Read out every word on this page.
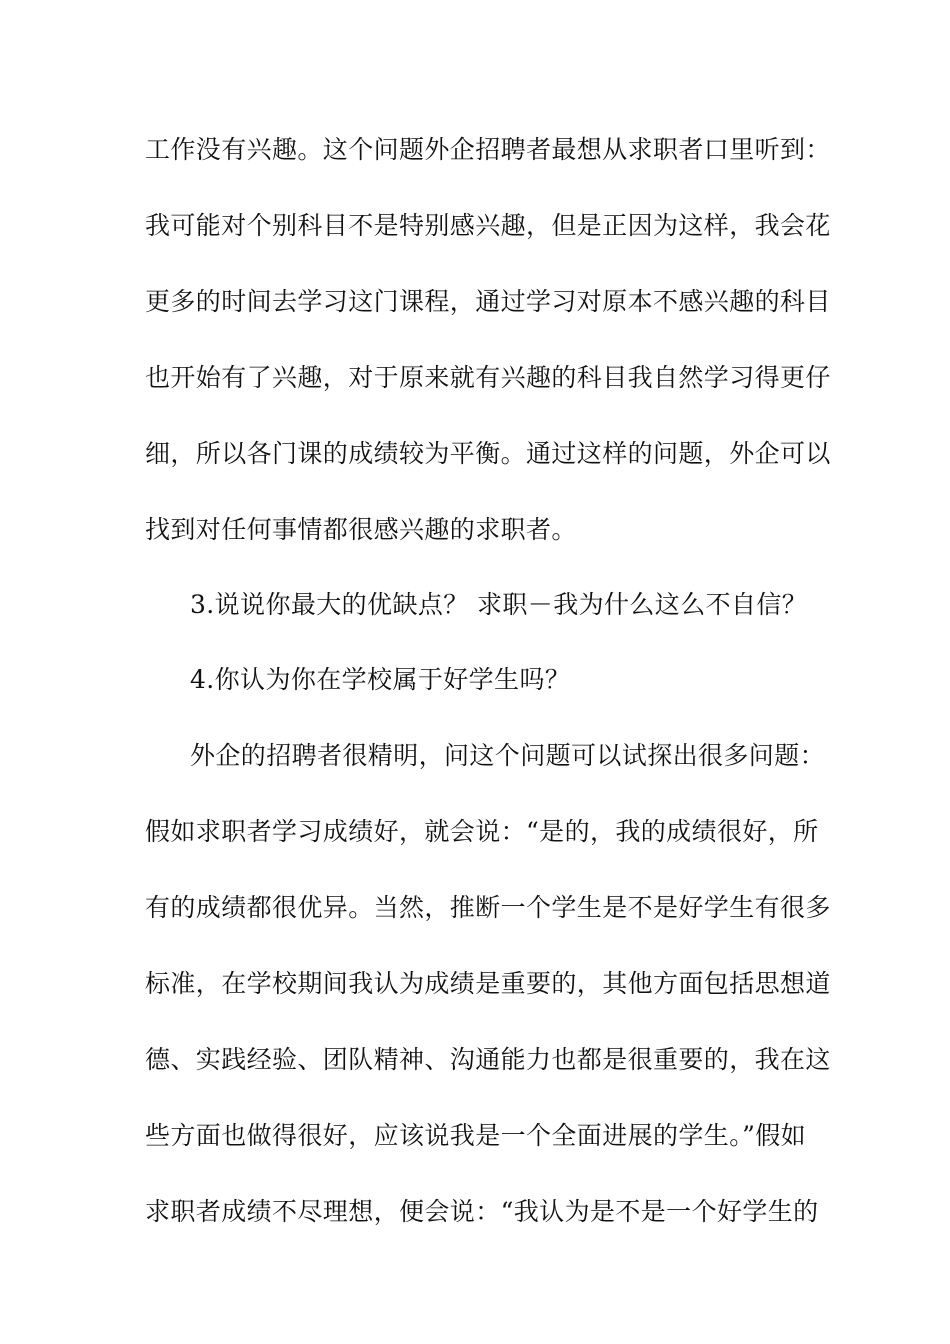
工作没有兴趣。这个问题外企招聘者最想从求职者口里听到：
我可能对个别科目不是特别感兴趣，但是正因为这样，我会花
更多的时间去学习这门课程，通过学习对原本不感兴趣的科目
也开始有了兴趣，对于原来就有兴趣的科目我自然学习得更仔
细，所以各门课的成绩较为平衡。通过这样的问题，外企可以
找到对任何事情都很感兴趣的求职者。
3.说说你最大的优缺点？ 求职－我为什么这么不自信？
4.你认为你在学校属于好学生吗？
外企的招聘者很精明，问这个问题可以试探出很多问题：
假如求职者学习成绩好，就会说：“是的，我的成绩很好，所
有的成绩都很优异。当然，推断一个学生是不是好学生有很多
标准，在学校期间我认为成绩是重要的，其他方面包括思想道
德、实践经验、团队精神、沟通能力也都是很重要的，我在这
些方面也做得很好，应该说我是一个全面进展的学生。”假如
求职者成绩不尽理想，便会说：“我认为是不是一个好学生的
